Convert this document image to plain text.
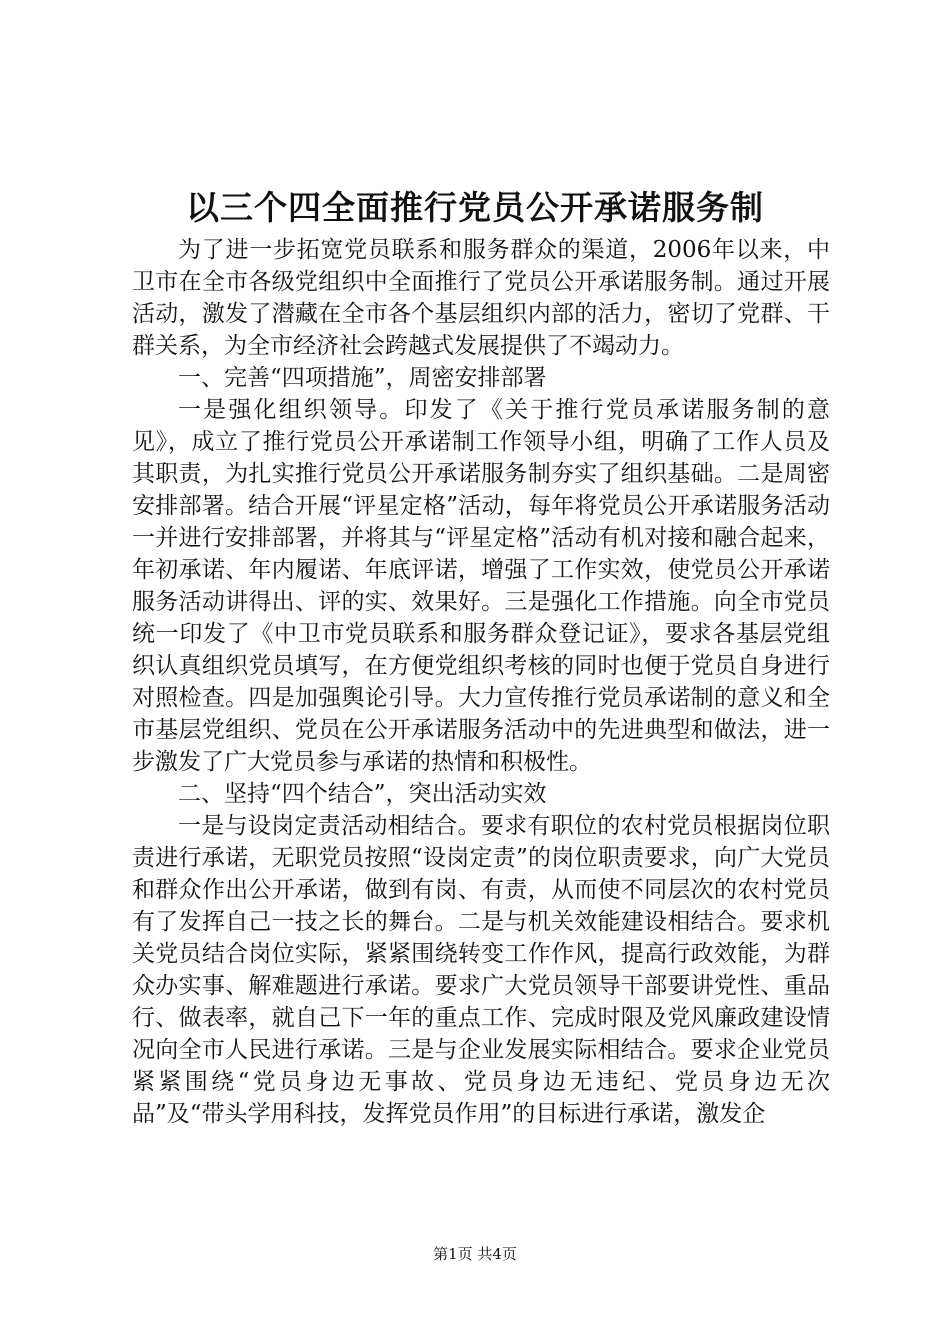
以三个四全面推行党员公开承诺服务制

为了进一步拓宽党员联系和服务群众的渠道，2006年以来，中卫市在全市各级党组织中全面推行了党员公开承诺服务制。通过开展活动，激发了潜藏在全市各个基层组织内部的活力，密切了党群、干群关系，为全市经济社会跨越式发展提供了不竭动力。

一、完善“四项措施”，周密安排部署

一是强化组织领导。印发了《关于推行党员承诺服务制的意见》，成立了推行党员公开承诺制工作领导小组，明确了工作人员及其职责，为扎实推行党员公开承诺服务制夯实了组织基础。二是周密安排部署。结合开展“评星定格”活动，每年将党员公开承诺服务活动一并进行安排部署，并将其与“评星定格”活动有机对接和融合起来，年初承诺、年内履诺、年底评诺，增强了工作实效，使党员公开承诺服务活动讲得出、评的实、效果好。三是强化工作措施。向全市党员统一印发了《中卫市党员联系和服务群众登记证》，要求各基层党组织认真组织党员填写，在方便党组织考核的同时也便于党员自身进行对照检查。四是加强舆论引导。大力宣传推行党员承诺制的意义和全市基层党组织、党员在公开承诺服务活动中的先进典型和做法，进一步激发了广大党员参与承诺的热情和积极性。

二、坚持“四个结合”，突出活动实效

一是与设岗定责活动相结合。要求有职位的农村党员根据岗位职责进行承诺，无职党员按照“设岗定责”的岗位职责要求，向广大党员和群众作出公开承诺，做到有岗、有责，从而使不同层次的农村党员有了发挥自己一技之长的舞台。二是与机关效能建设相结合。要求机关党员结合岗位实际，紧紧围绕转变工作作风，提高行政效能，为群众办实事、解难题进行承诺。要求广大党员领导干部要讲党性、重品行、做表率，就自己下一年的重点工作、完成时限及党风廉政建设情况向全市人民进行承诺。三是与企业发展实际相结合。要求企业党员紧紧围绕“党员身边无事故、党员身边无违纪、党员身边无次品”及“带头学用科技，发挥党员作用”的目标进行承诺，激发企

第1页 共4页
